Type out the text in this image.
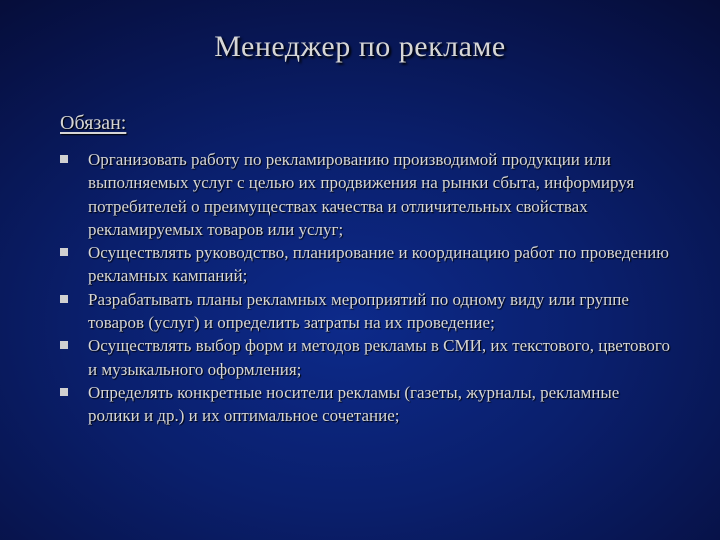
Менеджер по рекламе
Обязан:
Организовать работу по рекламированию производимой продукции или выполняемых услуг с целью их продвижения на рынки сбыта, информируя потребителей о преимуществах качества и отличительных свойствах рекламируемых товаров или услуг;
Осуществлять руководство, планирование и координацию работ по проведению рекламных кампаний;
Разрабатывать планы рекламных мероприятий по одному виду или группе товаров (услуг) и определить затраты на их проведение;
Осуществлять выбор форм и методов рекламы в СМИ, их текстового, цветового и музыкального оформления;
Определять конкретные носители рекламы (газеты, журналы, рекламные ролики и др.) и их оптимальное сочетание;
